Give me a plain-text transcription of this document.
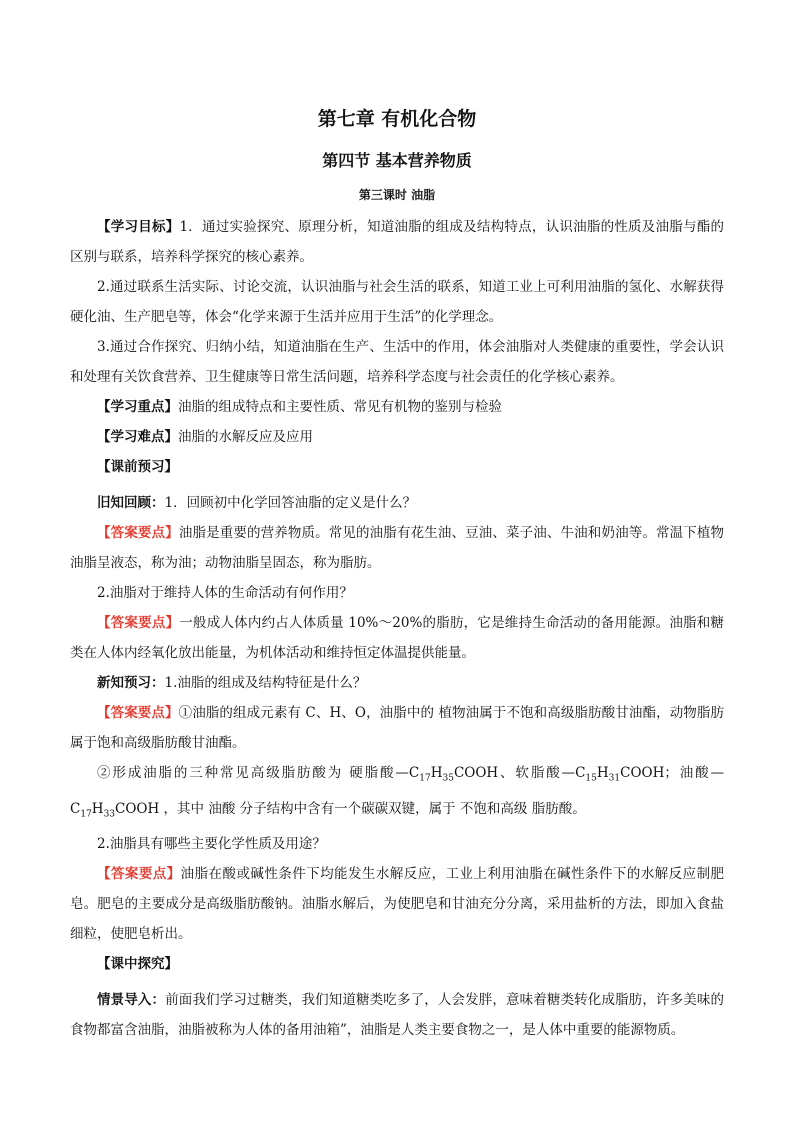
第七章 有机化合物
第四节 基本营养物质
第三课时 油脂

【学习目标】1．通过实验探究、原理分析，知道油脂的组成及结构特点，认识油脂的性质及油脂与酯的区别与联系，培养科学探究的核心素养。

2.通过联系生活实际、讨论交流，认识油脂与社会生活的联系，知道工业上可利用油脂的氢化、水解获得硬化油、生产肥皂等，体会“化学来源于生活并应用于生活”的化学理念。

3.通过合作探究、归纳小结，知道油脂在生产、生活中的作用，体会油脂对人类健康的重要性，学会认识和处理有关饮食营养、卫生健康等日常生活问题，培养科学态度与社会责任的化学核心素养。

【学习重点】油脂的组成特点和主要性质、常见有机物的鉴别与检验

【学习难点】油脂的水解反应及应用

【课前预习】

旧知回顾：1．回顾初中化学回答油脂的定义是什么？

【答案要点】油脂是重要的营养物质。常见的油脂有花生油、豆油、菜子油、牛油和奶油等。常温下植物油脂呈液态，称为油；动物油脂呈固态，称为脂肪。

2.油脂对于维持人体的生命活动有何作用？

【答案要点】一般成人体内约占人体质量 10%～20%的脂肪，它是维持生命活动的备用能源。油脂和糖类在人体内经氧化放出能量，为机体活动和维持恒定体温提供能量。

新知预习：1.油脂的组成及结构特征是什么？

【答案要点】①油脂的组成元素有 C、H、O，油脂中的 植物油属于不饱和高级脂肪酸甘油酯，动物脂肪属于饱和高级脂肪酸甘油酯。

②形成油脂的三种常见高级脂肪酸为 硬脂酸$—C_{17}H_{35}COOH$、软脂酸$—C_{15}H_{31}COOH$；油酸$—C_{17}H_{33}COOH$ ，其中 油酸 分子结构中含有一个碳碳双键，属于 不饱和高级 脂肪酸。

2.油脂具有哪些主要化学性质及用途？

【答案要点】油脂在酸或碱性条件下均能发生水解反应，工业上利用油脂在碱性条件下的水解反应制肥皂。肥皂的主要成分是高级脂肪酸钠。油脂水解后，为使肥皂和甘油充分分离，采用盐析的方法，即加入食盐细粒，使肥皂析出。

【课中探究】

情景导入：前面我们学习过糖类，我们知道糖类吃多了，人会发胖，意味着糖类转化成脂肪，许多美味的食物都富含油脂，油脂被称为人体的备用油箱”，油脂是人类主要食物之一，是人体中重要的能源物质。
